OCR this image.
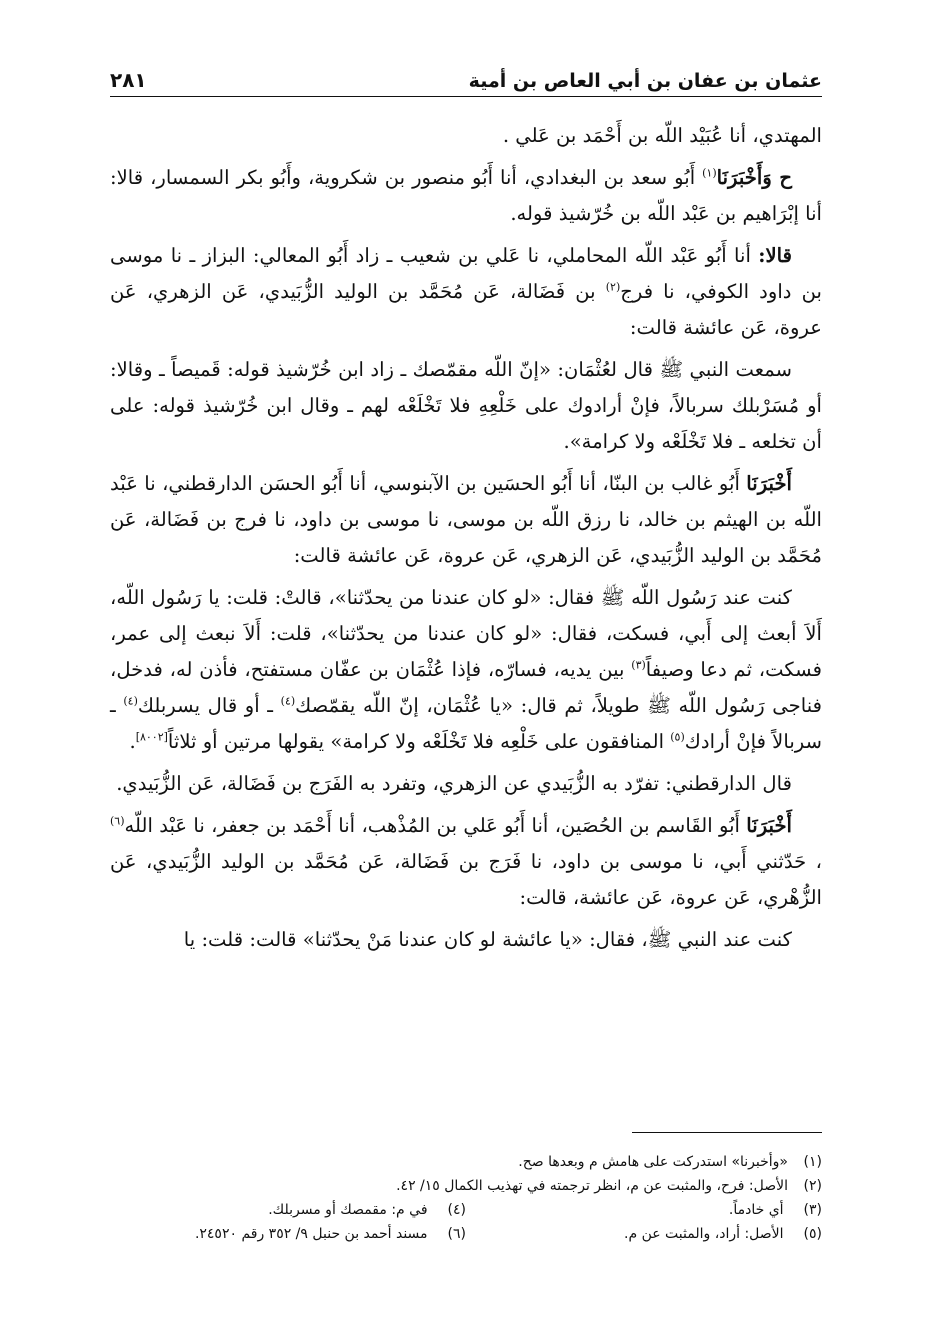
عثمان بن عفان بن أبي العاص بن أمية
٢٨١

المهتدي، أنا عُبَيْد اللّه بن أَحْمَد بن عَلي .

ح وَأَخْبَرَنَا$^{(١)}$ أَبُو سعد بن البغدادي، أنا أَبُو منصور بن شكروية، وأَبُو بكر السمسار، قالا: أنا إبْرَاهيم بن عَبْد اللّه بن خُرّشيذ قوله.

قالا: أنا أَبُو عَبْد اللّه المحاملي، نا عَلي بن شعيب ـ زاد أَبُو المعالي: البزاز ـ نا موسى بن داود الكوفي، نا فرج$^{(٢)}$ بن فَضَالة، عَن مُحَمَّد بن الوليد الزُّبَيدي، عَن الزهري، عَن عروة، عَن عائشة قالت:

سمعت النبي ﷺ قال لعُثْمَان: «إنّ اللّه مقمّصك ـ زاد ابن خُرّشيذ قوله: قَميصاً ـ وقالا: أو مُسَرْبلك سربالاً، فإنْ أرادوك على خَلْعِهِ فلا تَخْلَعْه لهم ـ وقال ابن خُرّشيذ قوله: على أن تخلعه ـ فلا تَخْلَعْه ولا كرامة».

أَخْبَرَنَا أَبُو غالب بن البنّا، أنا أَبُو الحسَين بن الآبنوسي، أنا أَبُو الحسَن الدارقطني، نا عَبْد اللّه بن الهيثم بن خالد، نا رزق اللّه بن موسى، نا موسى بن داود، نا فرج بن فَضَالة، عَن مُحَمَّد بن الوليد الزُّبَيدي، عَن الزهري، عَن عروة، عَن عائشة قالت:

كنت عند رَسُول اللّه ﷺ فقال: «لو كان عندنا من يحدّثنا»، قالتْ: قلت: يا رَسُول اللّه، أَلاَ أبعث إلى أَبي، فسكت، فقال: «لو كان عندنا من يحدّثنا»، قلت: أَلاَ نبعث إلى عمر، فسكت، ثم دعا وصيفاً$^{(٣)}$ بين يديه، فسارّه، فإذا عُثْمَان بن عفّان مستفتح، فأذن له، فدخل، فناجى رَسُول اللّه ﷺ طويلاً، ثم قال: «يا عُثْمَان، إنّ اللّه يقمّصك$^{(٤)}$ ـ أو قال يسربلك$^{(٤)}$ ـ سربالاً فإنْ أرادك$^{(٥)}$ المنافقون على خَلْعِه فلا تَخْلَعْه ولا كرامة» يقولها مرتين أو ثلاثاً[٨٠٠٢].

قال الدارقطني: تفرّد به الزُّبَيدي عن الزهري، وتفرد به الفَرَج بن فَضَالة، عَن الزُّبَيدي.

أَخْبَرَنَا أَبُو القَاسم بن الحُصَين، أنا أَبُو عَلي بن المُذْهب، أنا أَحْمَد بن جعفر، نا عَبْد اللّه$^{(٦)}$ ، حَدّثني أَبي، نا موسى بن داود، نا فَرَج بن فَضَالة، عَن مُحَمَّد بن الوليد الزُّبَيدي، عَن الزُّهْري، عَن عروة، عَن عائشة، قالت:

كنت عند النبي ﷺ، فقال: «يا عائشة لو كان عندنا مَنْ يحدّثنا» قالت: قلت: يا

(١)
«وأخبرنا» استدركت على هامش م وبعدها صح.
(٢)
الأصل: فرح، والمثبت عن م، انظر ترجمته في تهذيب الكمال ١٥/ ٤٢.
(٣) أي خادماً.
(٤) في م: مقمصك أو مسربلك.
(٥) الأصل: أراد، والمثبت عن م.
(٦) مسند أحمد بن حنبل ٩/ ٣٥٢ رقم ٢٤٥٢٠.
